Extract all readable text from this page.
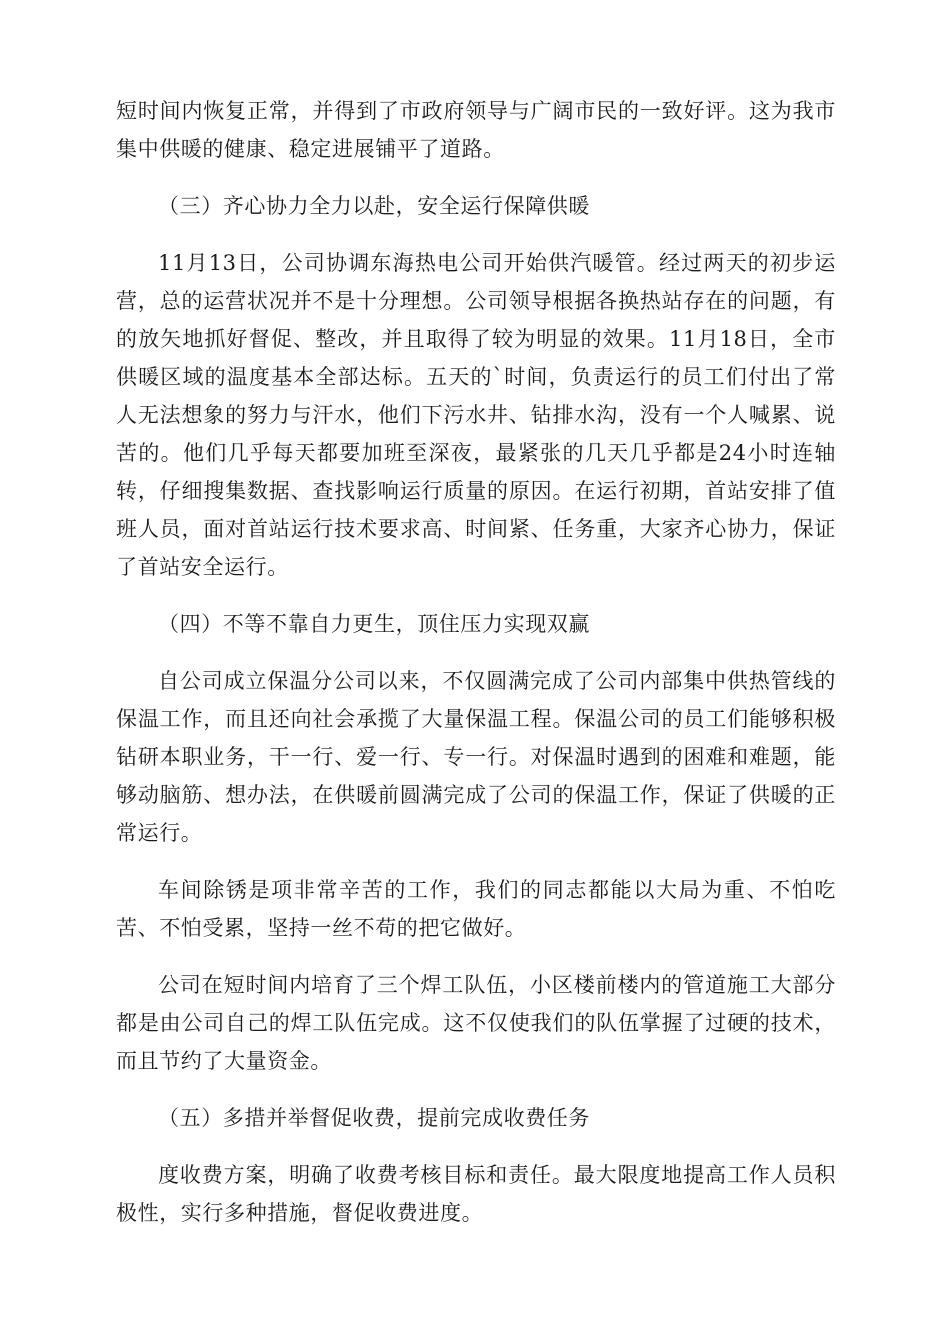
短时间内恢复正常，并得到了市政府领导与广阔市民的一致好评。这为我市集中供暖的健康、稳定进展铺平了道路。

（三）齐心协力全力以赴，安全运行保障供暖

11月13日，公司协调东海热电公司开始供汽暖管。经过两天的初步运营，总的运营状况并不是十分理想。公司领导根据各换热站存在的问题，有的放矢地抓好督促、整改，并且取得了较为明显的效果。11月18日，全市供暖区域的温度基本全部达标。五天的`时间，负责运行的员工们付出了常人无法想象的努力与汗水，他们下污水井、钻排水沟，没有一个人喊累、说苦的。他们几乎每天都要加班至深夜，最紧张的几天几乎都是24小时连轴转，仔细搜集数据、查找影响运行质量的原因。在运行初期，首站安排了值班人员，面对首站运行技术要求高、时间紧、任务重，大家齐心协力，保证了首站安全运行。

（四）不等不靠自力更生，顶住压力实现双赢

自公司成立保温分公司以来，不仅圆满完成了公司内部集中供热管线的保温工作，而且还向社会承揽了大量保温工程。保温公司的员工们能够积极钻研本职业务，干一行、爱一行、专一行。对保温时遇到的困难和难题，能够动脑筋、想办法，在供暖前圆满完成了公司的保温工作，保证了供暖的正常运行。

车间除锈是项非常辛苦的工作，我们的同志都能以大局为重、不怕吃苦、不怕受累，坚持一丝不苟的把它做好。

公司在短时间内培育了三个焊工队伍，小区楼前楼内的管道施工大部分都是由公司自己的焊工队伍完成。这不仅使我们的队伍掌握了过硬的技术，而且节约了大量资金。

（五）多措并举督促收费，提前完成收费任务

度收费方案，明确了收费考核目标和责任。最大限度地提高工作人员积极性，实行多种措施，督促收费进度。
